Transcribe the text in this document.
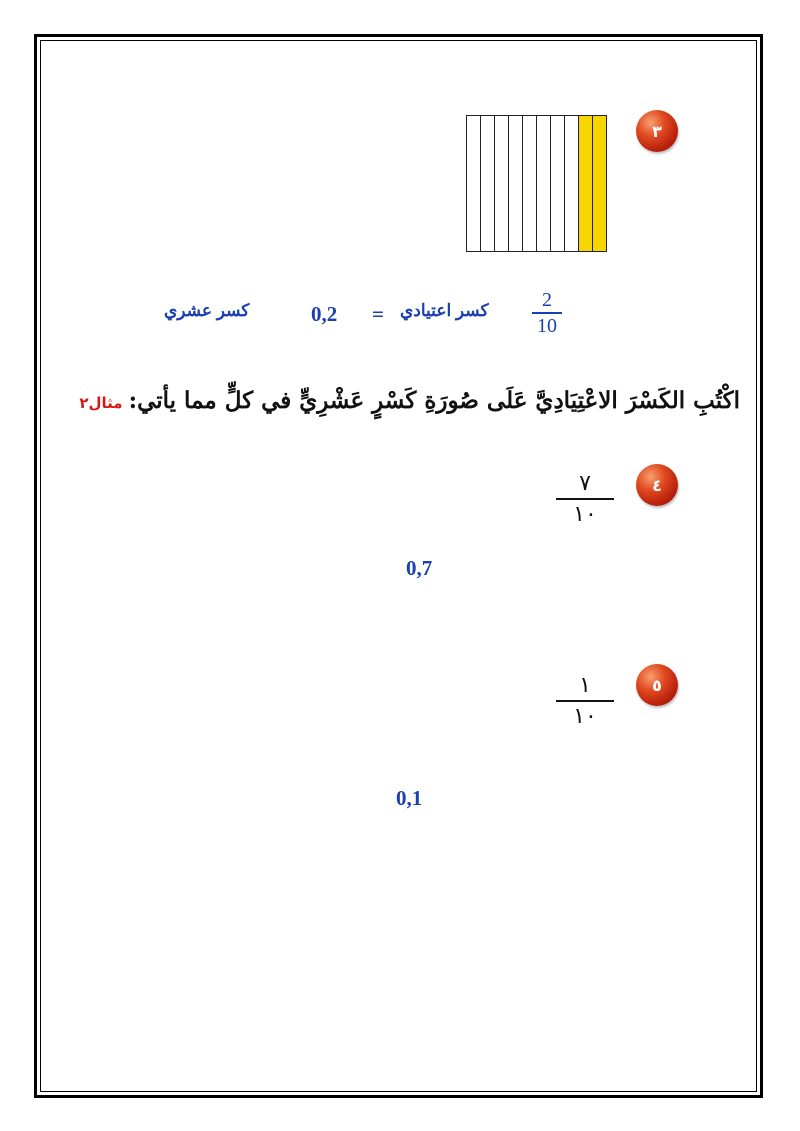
٣
2
10
كسر اعتيادي
=
0,2
كسر عشري
اكْتُبِ الكَسْرَ الاعْتِيَادِيَّ عَلَى صُورَةِ كَسْرٍ عَشْرِيٍّ في كلٍّ مما يأتي:مثال٢
٤
٧
١٠
0,7
٥
١
١٠
0,1
